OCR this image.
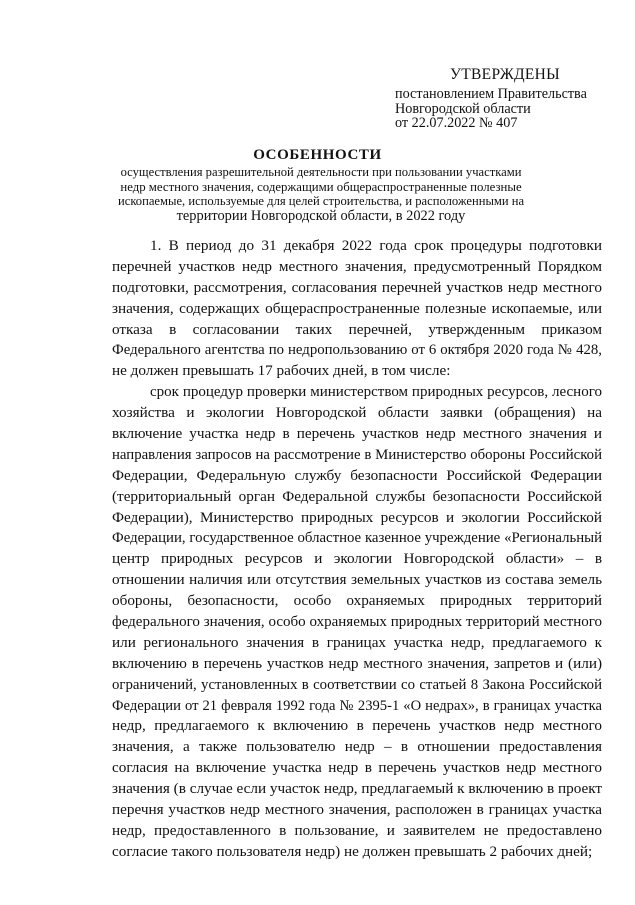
УТВЕРЖДЕНЫ
постановлением Правительства
Новгородской области
от 22.07.2022 № 407
ОСОБЕННОСТИ
осуществления разрешительной деятельности при пользовании участками
недр местного значения, содержащими общераспространенные полезные
ископаемые, используемые для целей строительства, и расположенными на
территории Новгородской области, в 2022 году
1. В период до 31 декабря 2022 года срок процедуры подготовки
перечней участков недр местного значения, предусмотренный Порядком
подготовки, рассмотрения, согласования перечней участков недр местного
значения, содержащих общераспространенные полезные ископаемые, или
отказа в согласовании таких перечней, утвержденным приказом
Федерального агентства по недропользованию от 6 октября 2020 года № 428,
не должен превышать 17 рабочих дней, в том числе:
срок процедур проверки министерством природных ресурсов, лесного
хозяйства и экологии Новгородской области заявки (обращения) на
включение участка недр в перечень участков недр местного значения и
направления запросов на рассмотрение в Министерство обороны Российской
Федерации, Федеральную службу безопасности Российской Федерации
(территориальный орган Федеральной службы безопасности Российской
Федерации), Министерство природных ресурсов и экологии Российской
Федерации, государственное областное казенное учреждение «Региональный
центр природных ресурсов и экологии Новгородской области» – в
отношении наличия или отсутствия земельных участков из состава земель
обороны, безопасности, особо охраняемых природных территорий
федерального значения, особо охраняемых природных территорий местного
или регионального значения в границах участка недр, предлагаемого к
включению в перечень участков недр местного значения, запретов и (или)
ограничений, установленных в соответствии со статьей 8 Закона Российской
Федерации от 21 февраля 1992 года № 2395-1 «О недрах», в границах участка
недр, предлагаемого к включению в перечень участков недр местного
значения, а также пользователю недр – в отношении предоставления
согласия на включение участка недр в перечень участков недр местного
значения (в случае если участок недр, предлагаемый к включению в проект
перечня участков недр местного значения, расположен в границах участка
недр, предоставленного в пользование, и заявителем не предоставлено
согласие такого пользователя недр) не должен превышать 2 рабочих дней;
